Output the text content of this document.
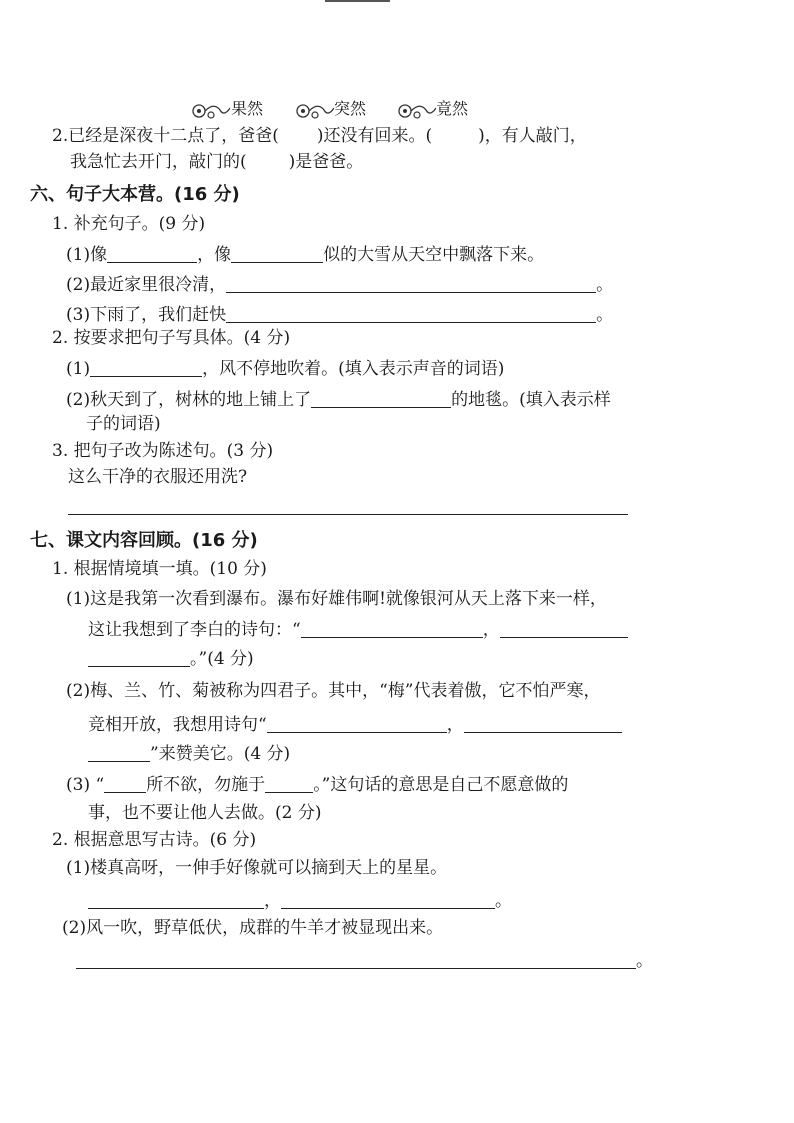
果然	突然	竟然
2.已经是深夜十二点了，爸爸( )还没有回来。(	)，有人敲门，
我急忙去开门，敲门的( )是爸爸。
六、句子大本营。(16 分)
1. 补充句子。(9 分)
(1)像	，像	似的大雪从天空中飘落下来。
(2)最近家里很冷清，	。
(3)下雨了，我们赶快	。
2. 按要求把句子写具体。(4 分)
(1)	，风不停地吹着。(填入表示声音的词语)
(2)秋天到了，树林的地上铺上了	的地毯。(填入表示样
子的词语)
3. 把句子改为陈述句。(3 分)
这么干净的衣服还用洗?
七、课文内容回顾。(16 分)
1. 根据情境填一填。(10 分)
(1)这是我第一次看到瀑布。瀑布好雄伟啊!就像银河从天上落下来一样，
这让我想到了李白的诗句：“	，
。”(4 分)
(2)梅、兰、竹、菊被称为四君子。其中，“梅”代表着傲，它不怕严寒，
竞相开放，我想用诗句“	，
”来赞美它。(4 分)
(3) “ 所不欲，勿施于	。”这句话的意思是自己不愿意做的
事，也不要让他人去做。(2 分)
2. 根据意思写古诗。(6 分)
(1)楼真高呀，一伸手好像就可以摘到天上的星星。
，	。
(2)风一吹，野草低伏，成群的牛羊才被显现出来。
。
